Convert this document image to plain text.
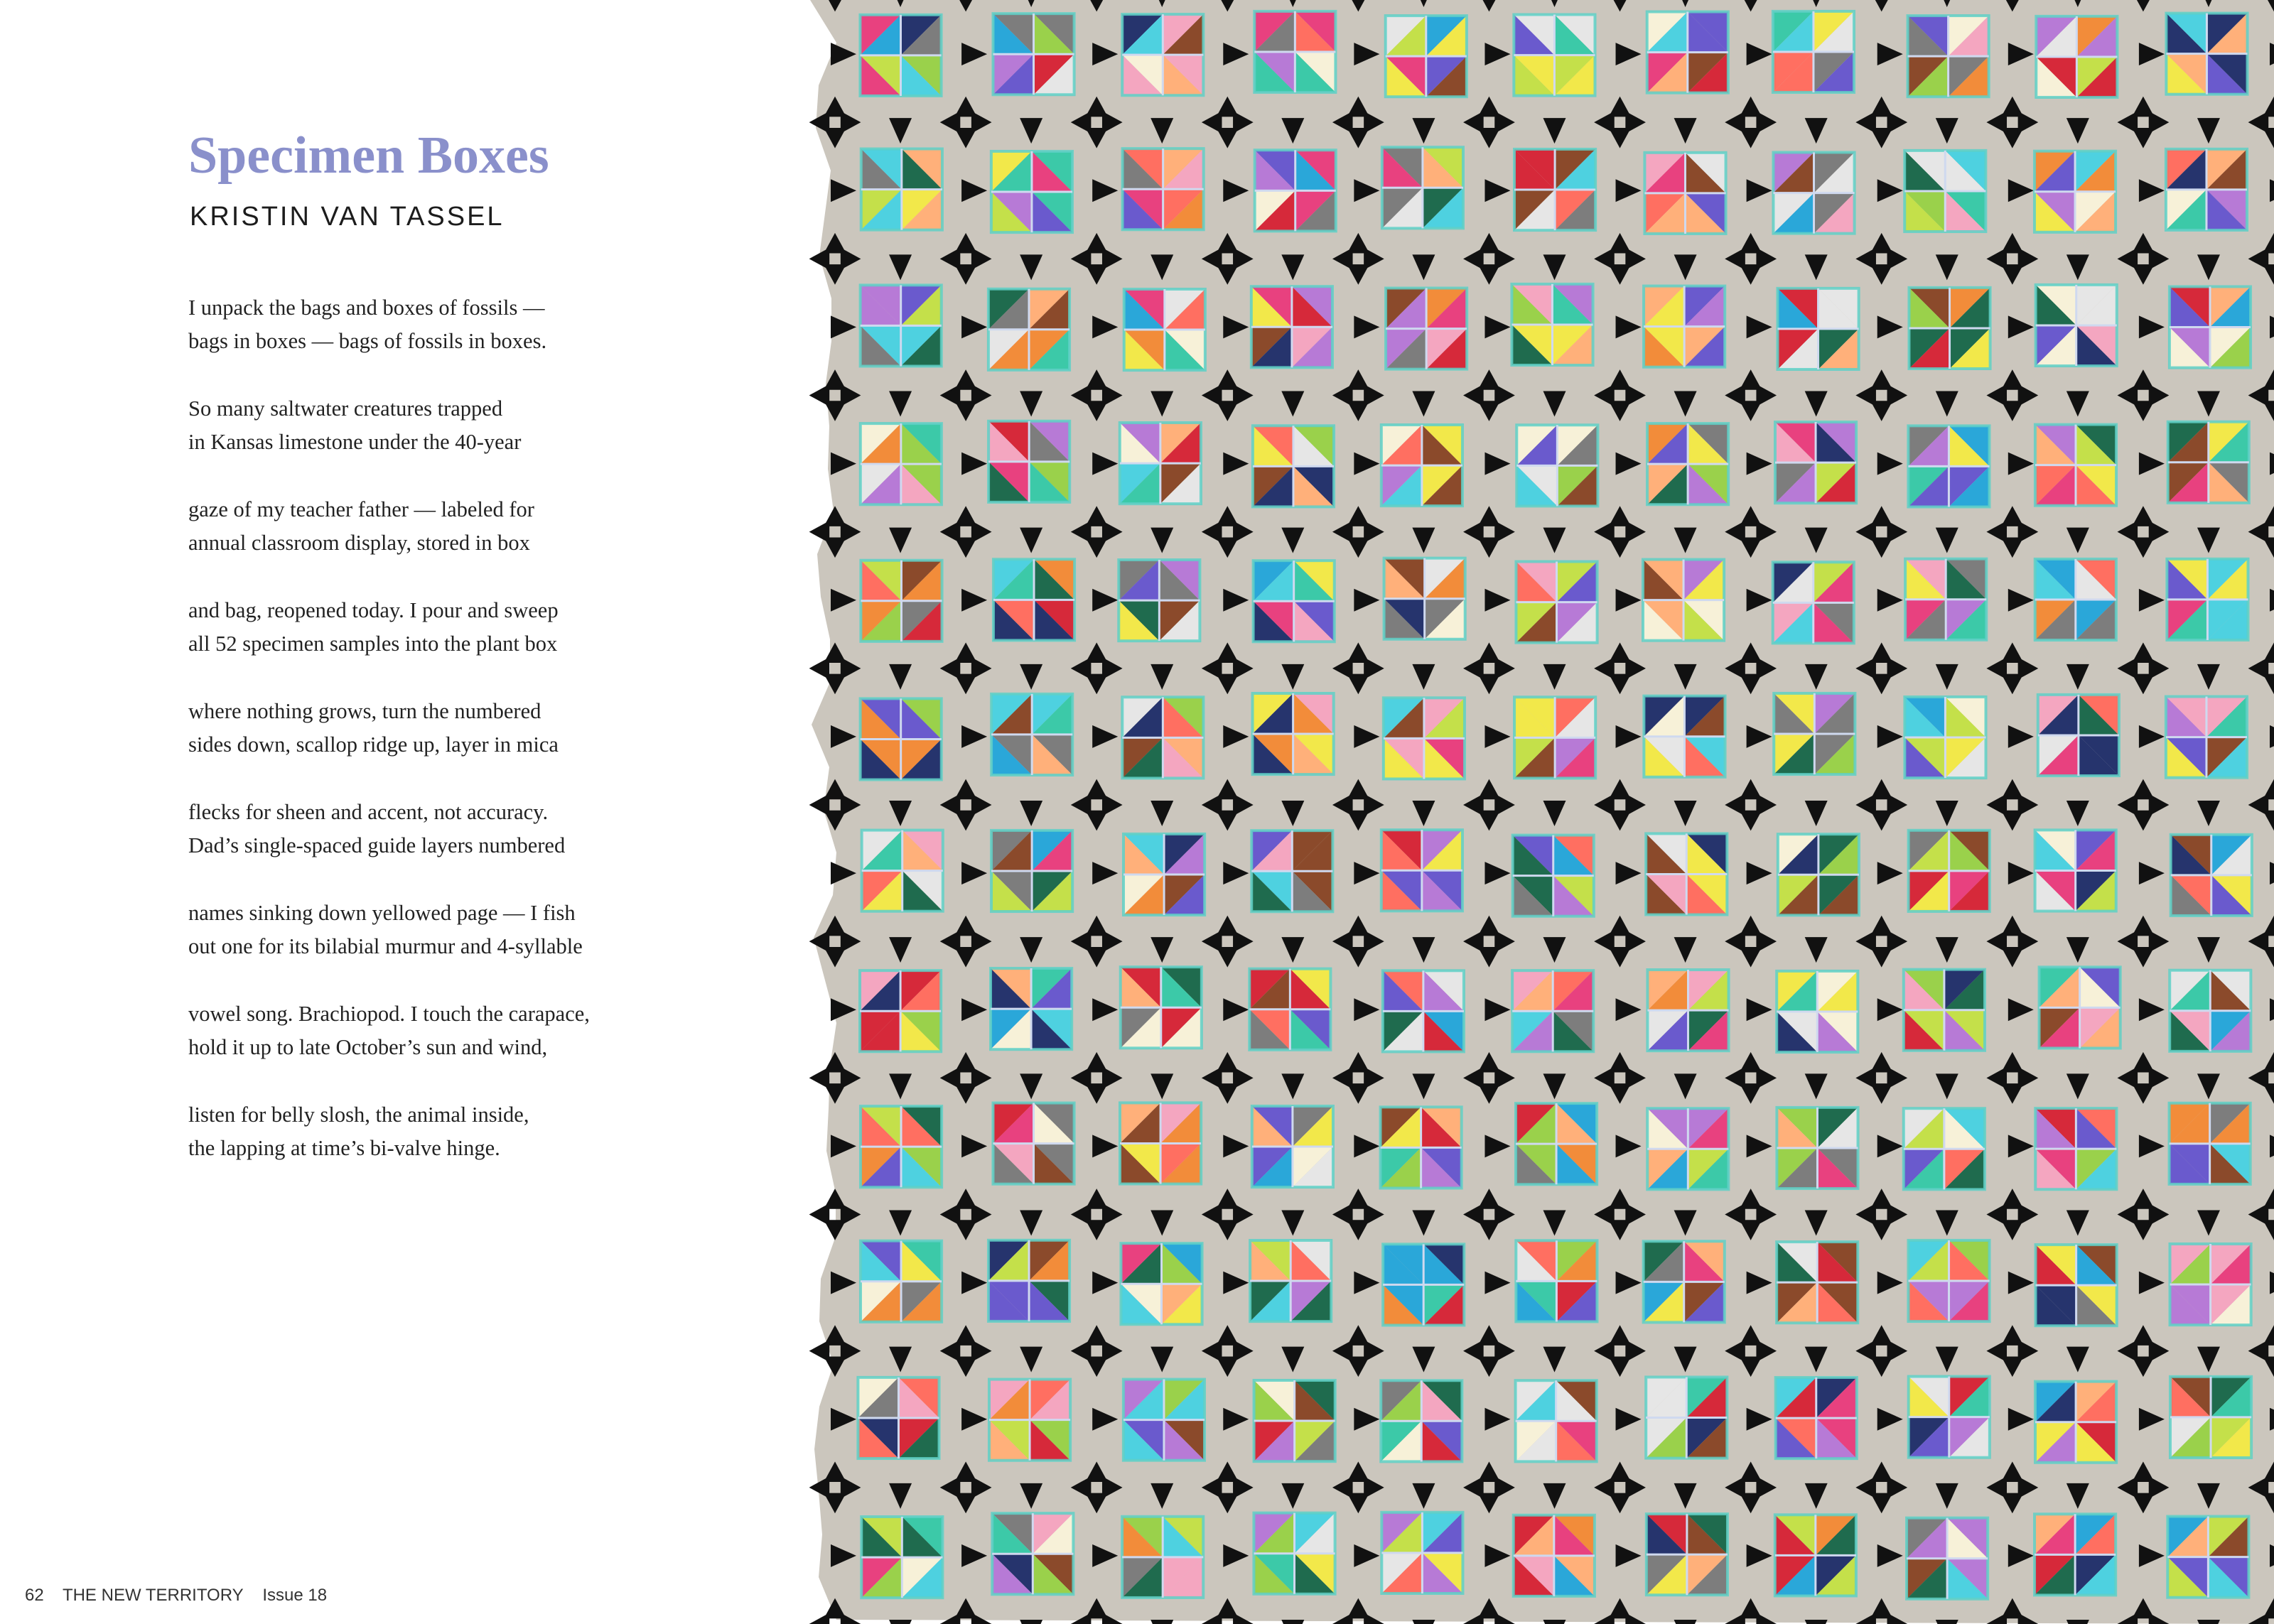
Specimen Boxes
KRISTIN VAN TASSEL

I unpack the bags and boxes of fossils —
bags in boxes — bags of fossils in boxes.

So many saltwater creatures trapped
in Kansas limestone under the 40-year

gaze of my teacher father — labeled for
annual classroom display, stored in box

and bag, reopened today. I pour and sweep
all 52 specimen samples into the plant box

where nothing grows, turn the numbered
sides down, scallop ridge up, layer in mica

flecks for sheen and accent, not accuracy.
Dad’s single-spaced guide layers numbered

names sinking down yellowed page — I fish
out one for its bilabial murmur and 4-syllable

vowel song. Brachiopod. I touch the carapace,
hold it up to late October’s sun and wind,

listen for belly slosh, the animal inside,
the lapping at time’s bi-valve hinge.

62 THE NEW TERRITORY Issue 18
